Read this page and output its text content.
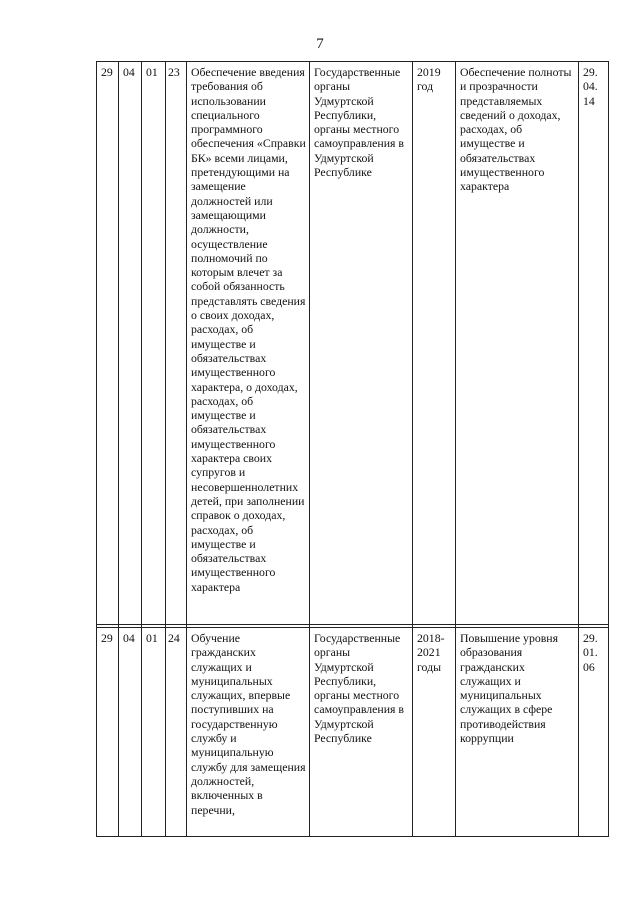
7
29 04 01 23 Обеспечение введения требования об использовании специального программного обеспечения «Справки БК» всеми лицами, претендующими на замещение должностей или замещающими должности, осуществление полномочий по которым влечет за собой обязанность представлять сведения о своих доходах, расходах, об имуществе и обязательствах имущественного характера, о доходах, расходах, об имуществе и обязательствах имущественного характера своих супругов и несовершеннолетних детей, при заполнении справок о доходах, расходах, об имуществе и обязательствах имущественного характера
Государственные органы Удмуртской Республики, органы местного самоуправления в Удмуртской Республике
2019 год
Обеспечение полноты и прозрачности представляемых сведений о доходах, расходах, об имуществе и обязательствах имущественного характера
29. 04. 14
29 04 01 24 Обучение гражданских служащих и муниципальных служащих, впервые поступивших на государственную службу и муниципальную службу для замещения должностей, включенных в перечни,
Государственные органы Удмуртской Республики, органы местного самоуправления в Удмуртской Республике
2018-2021 годы
Повышение уровня образования гражданских служащих и муниципальных служащих в сфере противодействия коррупции
29. 01. 06
